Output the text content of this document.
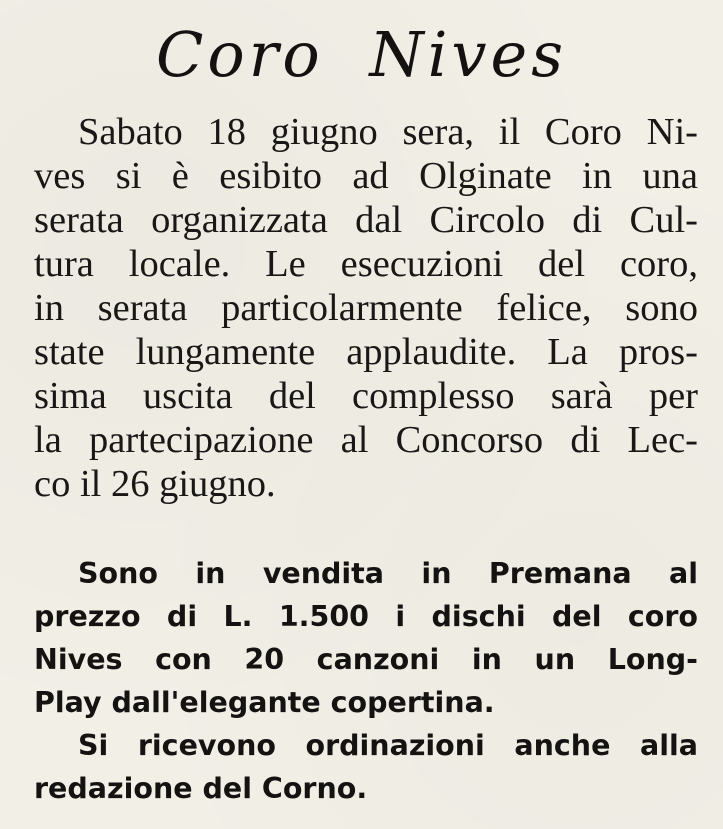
Coro Nives
Sabato 18 giugno sera, il Coro Ni-
ves si è esibito ad Olginate in una
serata organizzata dal Circolo di Cul-
tura locale. Le esecuzioni del coro,
in serata particolarmente felice, sono
state lungamente applaudite. La pros-
sima uscita del complesso sarà per
la partecipazione al Concorso di Lec-
co il 26 giugno.
Sono in vendita in Premana al
prezzo di L. 1.500 i dischi del coro
Nives con 20 canzoni in un Long-
Play dall'elegante copertina.
Si ricevono ordinazioni anche alla
redazione del Corno.
